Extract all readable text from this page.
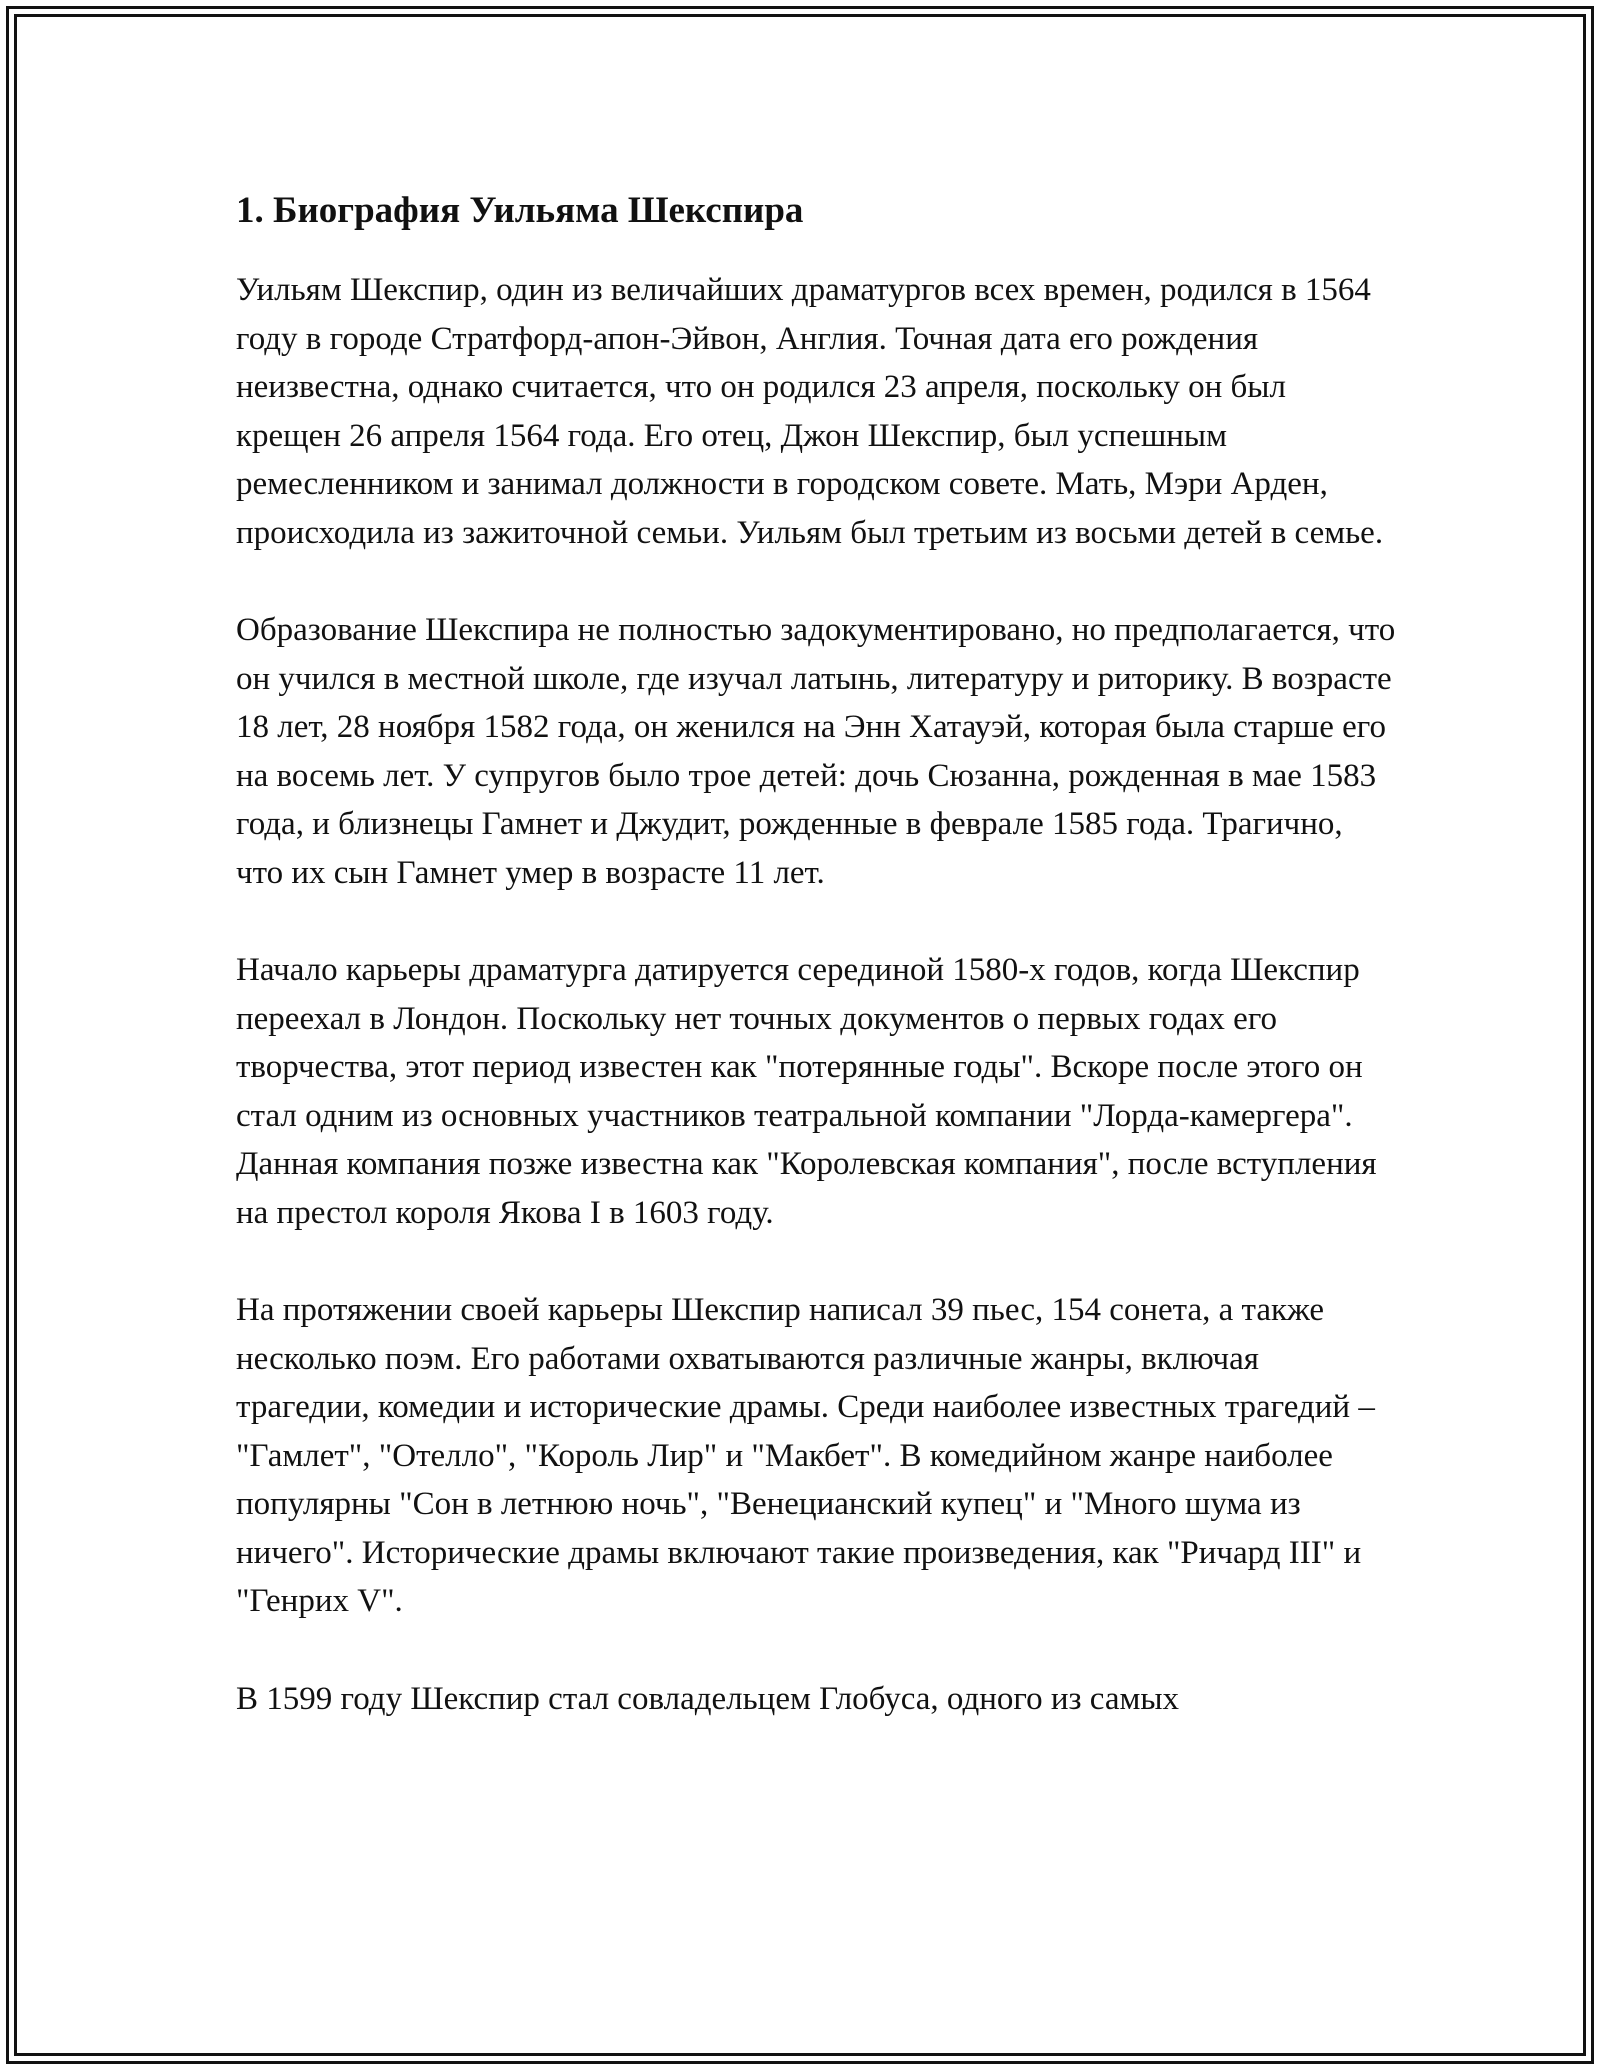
1. Биография Уильяма Шекспира

Уильям Шекспир, один из величайших драматургов всех времен, родился в 1564 году в городе Стратфорд-апон-Эйвон, Англия. Точная дата его рождения неизвестна, однако считается, что он родился 23 апреля, поскольку он был крещен 26 апреля 1564 года. Его отец, Джон Шекспир, был успешным ремесленником и занимал должности в городском совете. Мать, Мэри Арден, происходила из зажиточной семьи. Уильям был третьим из восьми детей в семье.

Образование Шекспира не полностью задокументировано, но предполагается, что он учился в местной школе, где изучал латынь, литературу и риторику. В возрасте 18 лет, 28 ноября 1582 года, он женился на Энн Хатауэй, которая была старше его на восемь лет. У супругов было трое детей: дочь Сюзанна, рожденная в мае 1583 года, и близнецы Гамнет и Джудит, рожденные в феврале 1585 года. Трагично, что их сын Гамнет умер в возрасте 11 лет.

Начало карьеры драматурга датируется серединой 1580-х годов, когда Шекспир переехал в Лондон. Поскольку нет точных документов о первых годах его творчества, этот период известен как "потерянные годы". Вскоре после этого он стал одним из основных участников театральной компании "Лорда-камергера". Данная компания позже известна как "Королевская компания", после вступления на престол короля Якова I в 1603 году.

На протяжении своей карьеры Шекспир написал 39 пьес, 154 сонета, а также несколько поэм. Его работами охватываются различные жанры, включая трагедии, комедии и исторические драмы. Среди наиболее известных трагедий – "Гамлет", "Отелло", "Король Лир" и "Макбет". В комедийном жанре наиболее популярны "Сон в летнюю ночь", "Венецианский купец" и "Много шума из ничего". Исторические драмы включают такие произведения, как "Ричард III" и "Генрих V".

В 1599 году Шекспир стал совладельцем Глобуса, одного из самых
